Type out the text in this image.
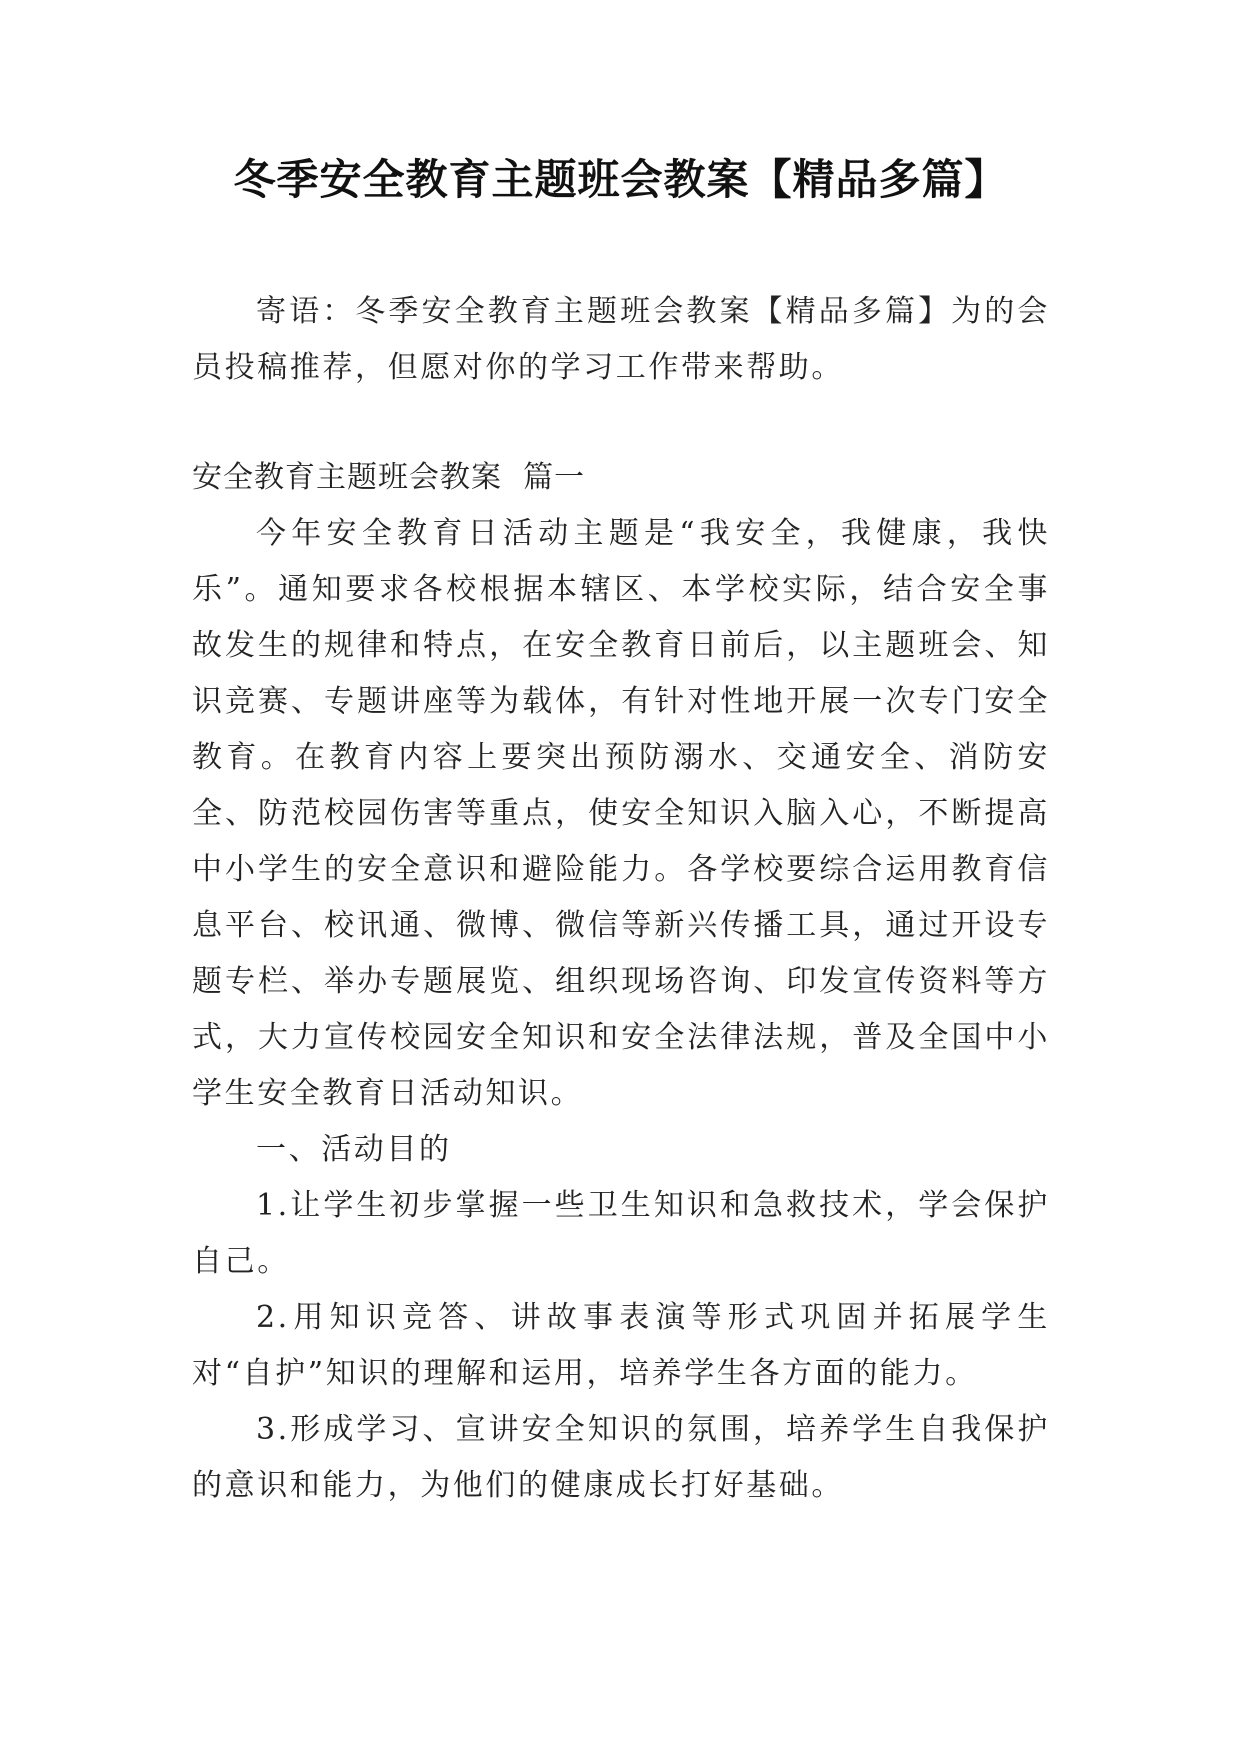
冬季安全教育主题班会教案【精品多篇】

寄语：冬季安全教育主题班会教案【精品多篇】为的会员投稿推荐，但愿对你的学习工作带来帮助。

安全教育主题班会教案  篇一

今年安全教育日活动主题是“我安全，我健康，我快乐”。通知要求各校根据本辖区、本学校实际，结合安全事故发生的规律和特点，在安全教育日前后，以主题班会、知识竞赛、专题讲座等为载体，有针对性地开展一次专门安全教育。在教育内容上要突出预防溺水、交通安全、消防安全、防范校园伤害等重点，使安全知识入脑入心，不断提高中小学生的安全意识和避险能力。各学校要综合运用教育信息平台、校讯通、微博、微信等新兴传播工具，通过开设专题专栏、举办专题展览、组织现场咨询、印发宣传资料等方式，大力宣传校园安全知识和安全法律法规，普及全国中小学生安全教育日活动知识。

一、活动目的

1.让学生初步掌握一些卫生知识和急救技术，学会保护自己。

2.用知识竞答、讲故事表演等形式巩固并拓展学生对“自护”知识的理解和运用，培养学生各方面的能力。

3.形成学习、宣讲安全知识的氛围，培养学生自我保护的意识和能力，为他们的健康成长打好基础。
